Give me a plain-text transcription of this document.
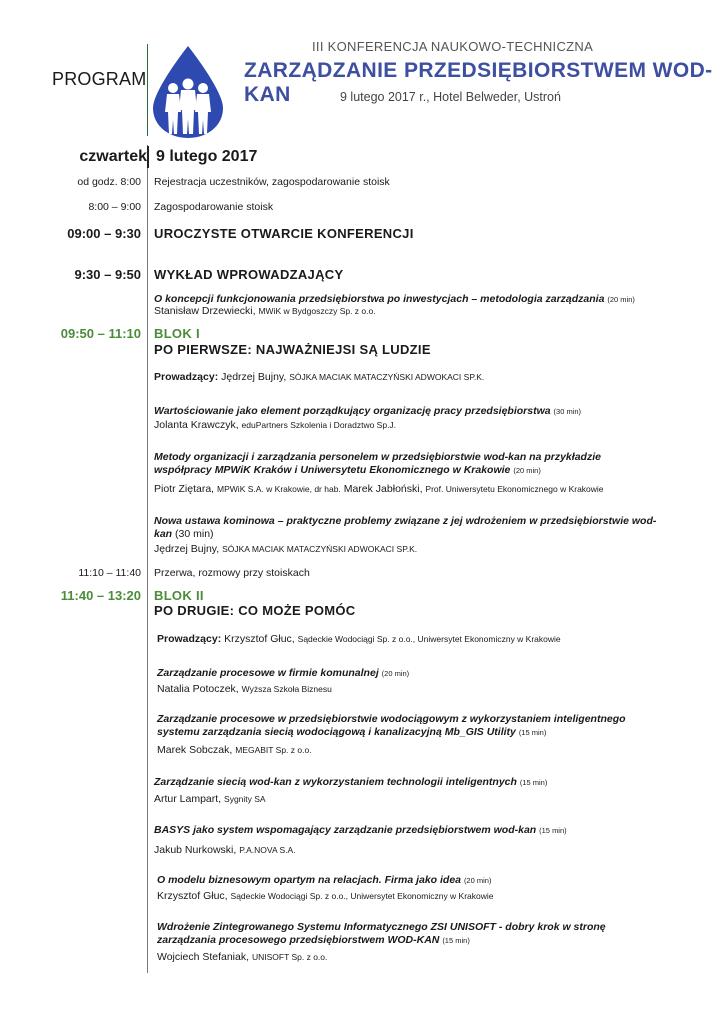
PROGRAM
III KONFERENCJA NAUKOWO-TECHNICZNA
ZARZĄDZANIE PRZEDSIĘBIORSTWEM WOD-KAN	9 lutego 2017 r., Hotel Belweder, Ustroń
czwartek 9 lutego 2017
od godz. 8:00 Rejestracja uczestników, zagospodarowanie stoisk
8:00 – 9:00 Zagospodarowanie stoisk
09:00 – 9:30 UROCZYSTE OTWARCIE KONFERENCJI
9:30 – 9:50 WYKŁAD WPROWADZAJĄCY
O koncepcji funkcjonowania przedsiębiorstwa po inwestycjach – metodologia zarządzania (20 min)
Stanisław Drzewiecki, MWiK w Bydgoszczy Sp. z o.o.
09:50 – 11:10 BLOK I
PO PIERWSZE: NAJWAŻNIEJSI SĄ LUDZIE
Prowadzący: Jędrzej Bujny, SÓJKA MACIAK MATACZYŃSKI ADWOKACI SP.K.
Wartościowanie jako element porządkujący organizację pracy przedsiębiorstwa (30 min)
Jolanta Krawczyk, eduPartners Szkolenia i Doradztwo Sp.J.
Metody organizacji i zarządzania personelem w przedsiębiorstwie wod-kan na przykładzie
współpracy MPWiK Kraków i Uniwersytetu Ekonomicznego w Krakowie (20 min)
Piotr Ziętara, MPWiK S.A. w Krakowie, dr hab. Marek Jabłoński, Prof. Uniwersytetu Ekonomicznego w Krakowie
Nowa ustawa kominowa – praktyczne problemy związane z jej wdrożeniem w przedsiębiorstwie wod-
kan (30 min)
Jędrzej Bujny, SÓJKA MACIAK MATACZYŃSKI ADWOKACI SP.K.
11:10 – 11:40 Przerwa, rozmowy przy stoiskach
11:40 – 13:20 BLOK II
PO DRUGIE: CO MOŻE POMÓC
Prowadzący: Krzysztof Głuc, Sądeckie Wodociągi Sp. z o.o., Uniwersytet Ekonomiczny w Krakowie
Zarządzanie procesowe w firmie komunalnej (20 min)
Natalia Potoczek, Wyższa Szkoła Biznesu
Zarządzanie procesowe w przedsiębiorstwie wodociągowym z wykorzystaniem inteligentnego
systemu zarządzania siecią wodociągową i kanalizacyjną Mb_GIS Utility (15 min)
Marek Sobczak, MEGABIT Sp. z o.o.
Zarządzanie siecią wod-kan z wykorzystaniem technologii inteligentnych (15 min)
Artur Lampart, Sygnity SA
BASYS jako system wspomagający zarządzanie przedsiębiorstwem wod-kan (15 min)
Jakub Nurkowski, P.A.NOVA S.A.
O modelu biznesowym opartym na relacjach. Firma jako idea (20 min)
Krzysztof Głuc, Sądeckie Wodociągi Sp. z o.o., Uniwersytet Ekonomiczny w Krakowie
Wdrożenie Zintegrowanego Systemu Informatycznego ZSI UNISOFT - dobry krok w stronę
zarządzania procesowego przedsiębiorstwem WOD-KAN (15 min)
Wojciech Stefaniak, UNISOFT Sp. z o.o.
